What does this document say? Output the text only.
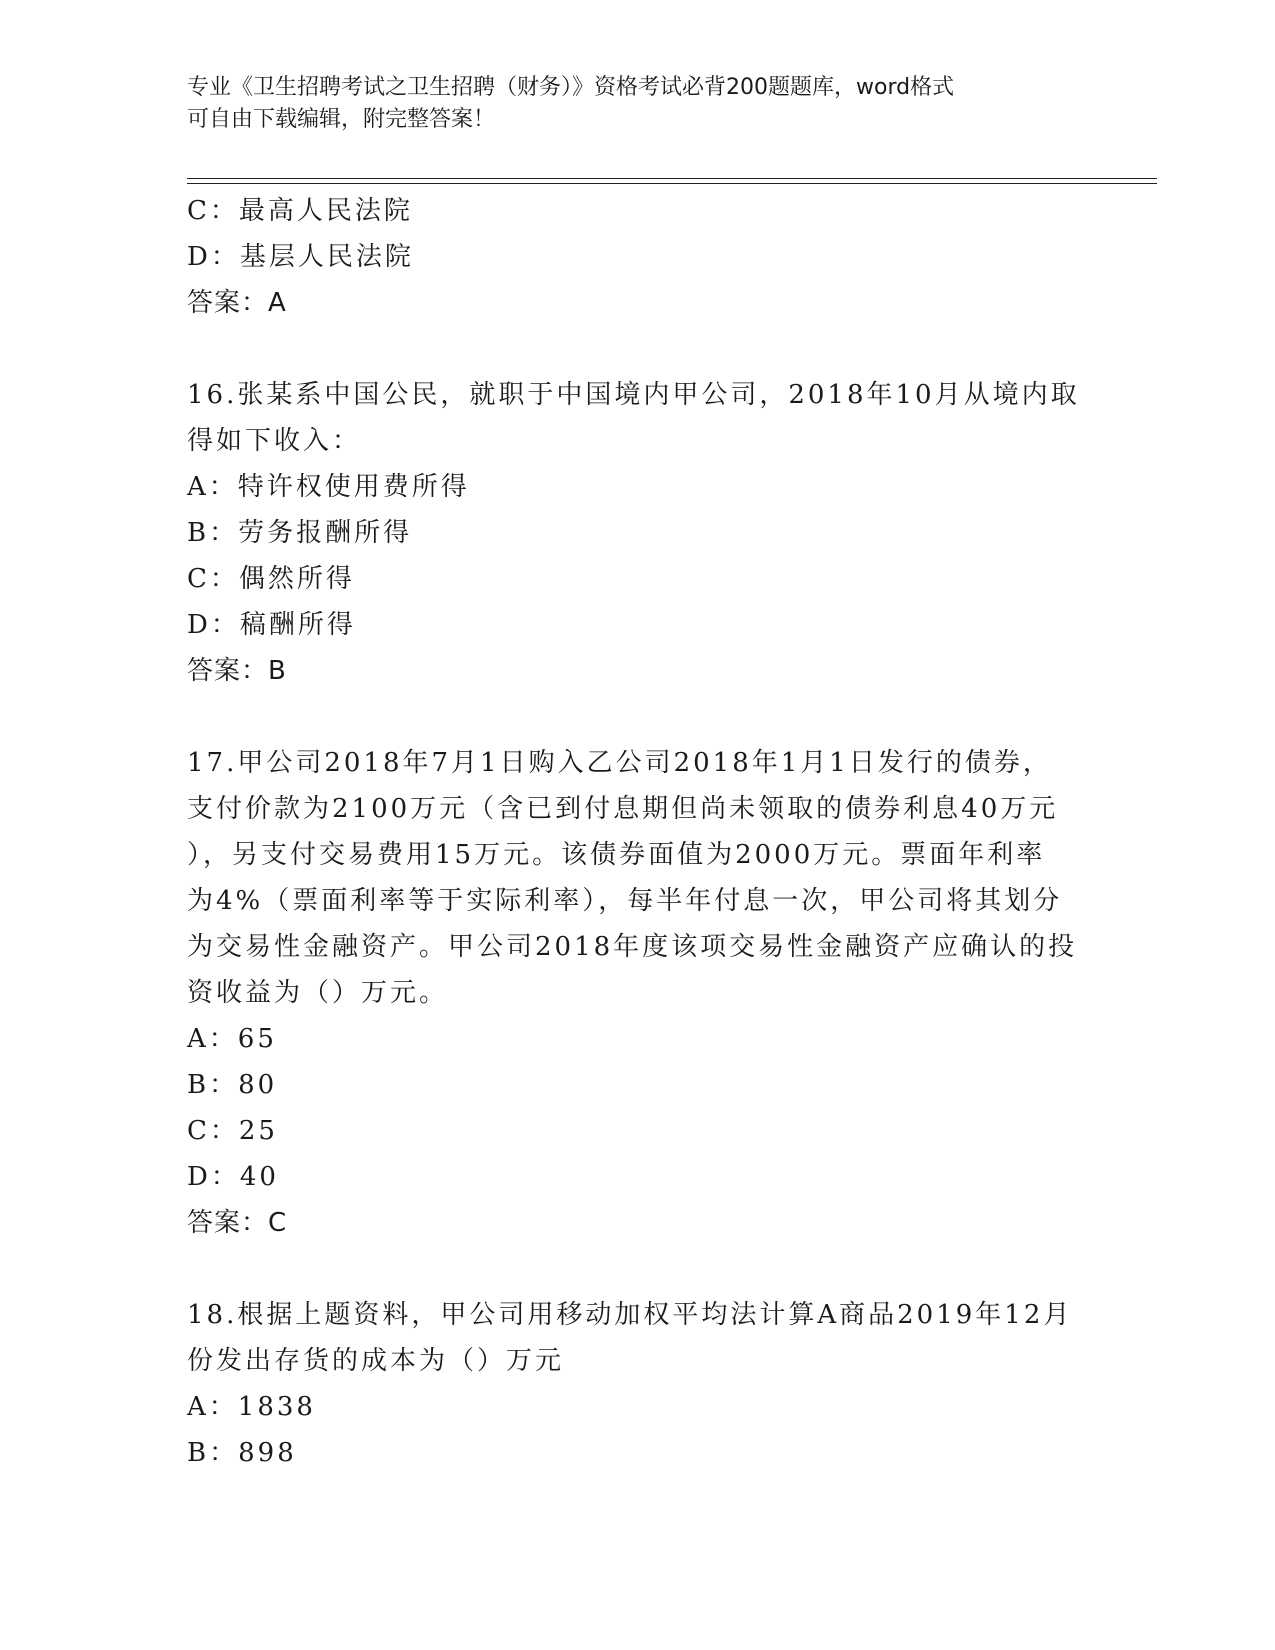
专业《卫生招聘考试之卫生招聘（财务）》资格考试必背200题题库，word格式
可自由下载编辑，附完整答案！
C：最高人民法院
D：基层人民法院
答案：A
16.张某系中国公民，就职于中国境内甲公司，2018年10月从境内取
得如下收入：
A：特许权使用费所得
B：劳务报酬所得
C：偶然所得
D：稿酬所得
答案：B
17.甲公司2018年7月1日购入乙公司2018年1月1日发行的债券，
支付价款为2100万元（含已到付息期但尚未领取的债券利息40万元
），另支付交易费用15万元。该债券面值为2000万元。票面年利率
为4%（票面利率等于实际利率），每半年付息一次，甲公司将其划分
为交易性金融资产。甲公司2018年度该项交易性金融资产应确认的投
资收益为（）万元。
A：65
B：80
C：25
D：40
答案：C
18.根据上题资料，甲公司用移动加权平均法计算A商品2019年12月
份发出存货的成本为（）万元
A：1838
B：898
